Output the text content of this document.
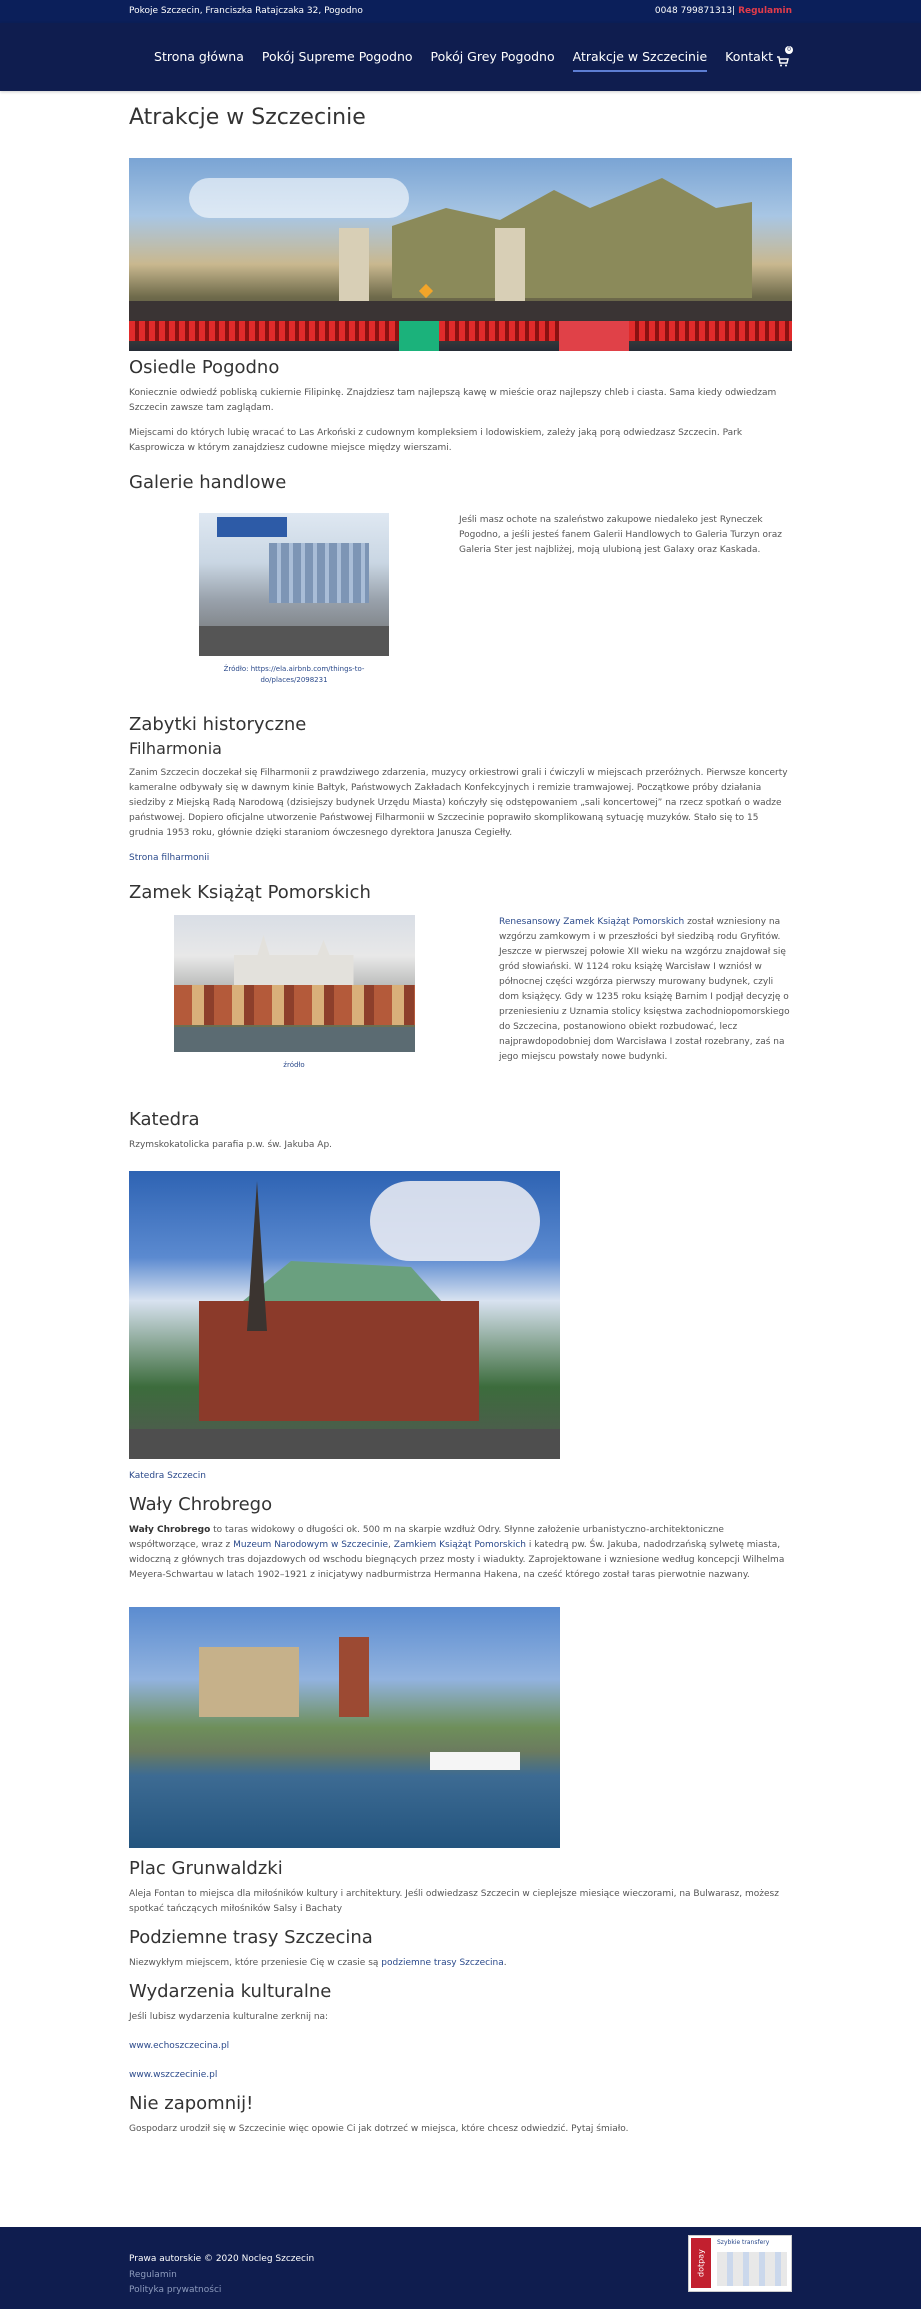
Pokoje Szczecin, Franciszka Ratajczaka 32, Pogodno	0048 799871313| Regulamin
Strona główna Pokój Supreme Pogodno Pokój Grey Pogodno Atrakcje w Szczecinie Kontakt	0
Atrakcje w Szczecinie
Osiedle Pogodno

Koniecznie odwiedź pobliską cukiernie Filipinkę. Znajdziesz tam najlepszą kawę w mieście oraz najlepszy chleb i ciasta. Sama kiedy odwiedzam Szczecin zawsze tam zaglądam.

Miejscami do których lubię wracać to Las Arkoński z cudownym kompleksiem i lodowiskiem, zależy jaką porą odwiedzasz Szczecin. Park Kasprowicza w którym zanajdziesz cudowne miejsce między wierszami.

Galerie handlowe
Źródło: https://ela.airbnb.com/things-to-do/places/2098231

Jeśli masz ochote na szaleństwo zakupowe niedaleko jest Ryneczek Pogodno, a jeśli jesteś fanem Galerii Handlowych to Galeria Turzyn oraz Galeria Ster jest najbliżej, moją ulubioną jest Galaxy oraz Kaskada.

Zabytki historyczne
Filharmonia

Zanim Szczecin doczekał się Filharmonii z prawdziwego zdarzenia, muzycy orkiestrowi grali i ćwiczyli w miejscach przeróżnych. Pierwsze koncerty kameralne odbywały się w dawnym kinie Bałtyk, Państwowych Zakładach Konfekcyjnych i remizie tramwajowej. Początkowe próby działania siedziby z Miejską Radą Narodową (dzisiejszy budynek Urzędu Miasta) kończyły się odstępowaniem „sali koncertowej” na rzecz spotkań o wadze państwowej. Dopiero oficjalne utworzenie Państwowej Filharmonii w Szczecinie poprawiło skomplikowaną sytuację muzyków. Stało się to 15 grudnia 1953 roku, głównie dzięki staraniom ówczesnego dyrektora Janusza Cegiełły.

Strona filharmonii

Zamek Książąt Pomorskich
źródło

Renesansowy Zamek Książąt Pomorskich został wzniesiony na wzgórzu zamkowym i w przeszłości był siedzibą rodu Gryfitów. Jeszcze w pierwszej połowie XII wieku na wzgórzu znajdował się gród słowiański. W 1124 roku książę Warcisław I wzniósł w północnej części wzgórza pierwszy murowany budynek, czyli dom książęcy. Gdy w 1235 roku książę Barnim I podjął decyzję o przeniesieniu z Uznamia stolicy księstwa zachodniopomorskiego do Szczecina, postanowiono obiekt rozbudować, lecz najprawdopodobniej dom Warcisława I został rozebrany, zaś na jego miejscu powstały nowe budynki.

Katedra

Rzymskokatolicka parafia p.w. św. Jakuba Ap.

Katedra Szczecin

Wały Chrobrego

Wały Chrobrego to taras widokowy o długości ok. 500 m na skarpie wzdłuż Odry. Słynne założenie urbanistyczno-architektoniczne współtworzące, wraz z Muzeum Narodowym w Szczecinie, Zamkiem Książąt Pomorskich i katedrą pw. Św. Jakuba, nadodrzańską sylwetę miasta, widoczną z głównych tras dojazdowych od wschodu biegnących przez mosty i wiadukty. Zaprojektowane i wzniesione według koncepcji Wilhelma Meyera-Schwartau w latach 1902–1921 z inicjatywy nadburmistrza Hermanna Hakena, na cześć którego został taras pierwotnie nazwany.

Plac Grunwaldzki

Aleja Fontan to miejsca dla miłośników kultury i architektury. Jeśli odwiedzasz Szczecin w cieplejsze miesiące wieczorami, na Bulwarasz, możesz spotkać tańczących miłośników Salsy i Bachaty

Podziemne trasy Szczecina

Niezwykłym miejscem, które przeniesie Cię w czasie są podziemne trasy Szczecina.

Wydarzenia kulturalne

Jeśli lubisz wydarzenia kulturalne zerknij na:

www.echoszczecina.pl

www.wszczecinie.pl

Nie zapomnij!

Gospodarz urodził się w Szczecinie więc opowie Ci jak dotrzeć w miejsca, które chcesz odwiedzić. Pytaj śmiało.

Prawa autorskie © 2020 Nocleg Szczecin
Regulamin
Polityka prywatności
dotpay
Szybkie transfery
